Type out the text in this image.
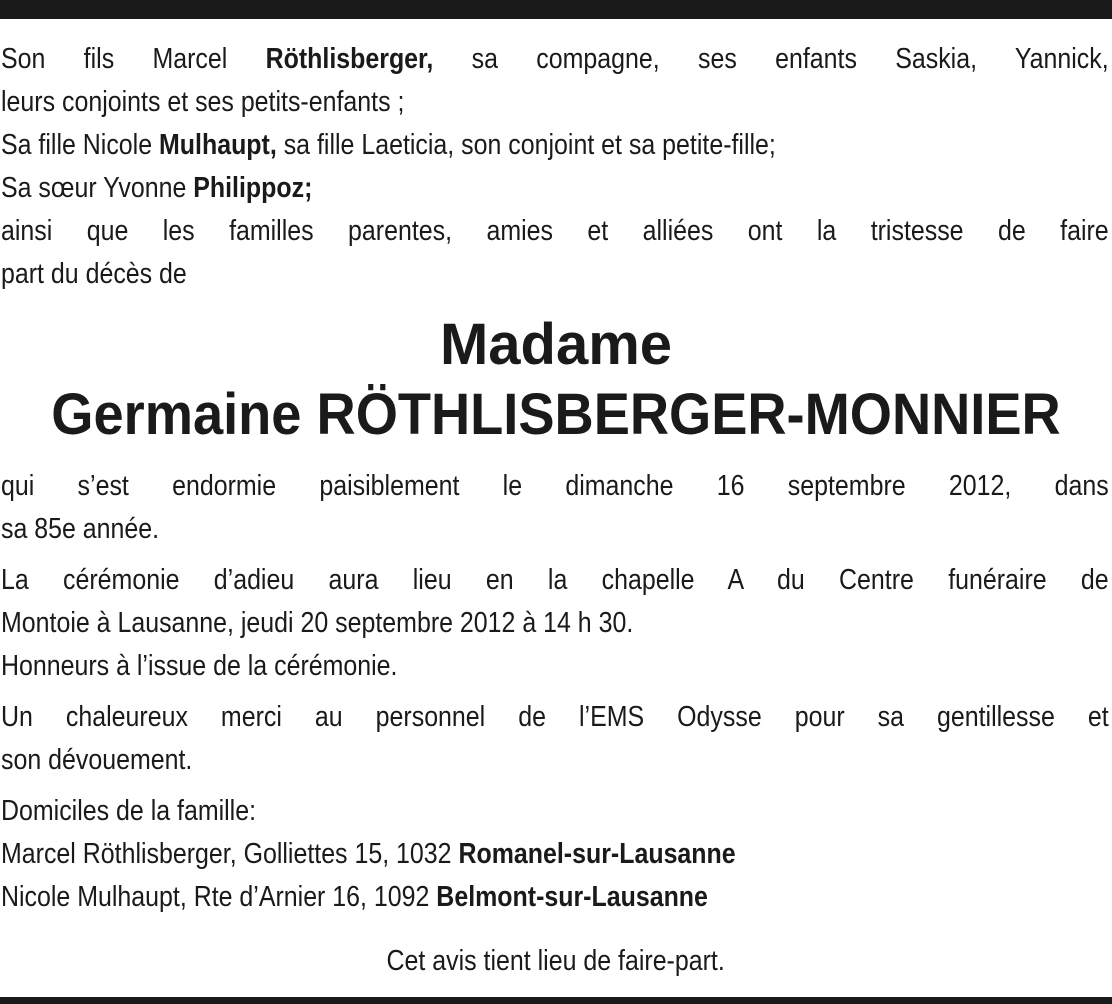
Son fils Marcel Röthlisberger, sa compagne, ses enfants Saskia, Yannick,
leurs conjoints et ses petits-enfants ;
Sa fille Nicole Mulhaupt, sa fille Laeticia, son conjoint et sa petite-fille;
Sa sœur Yvonne Philippoz;
ainsi que les familles parentes, amies et alliées ont la tristesse de faire
part du décès de
Madame
Germaine RÖTHLISBERGER-MONNIER
qui s’est endormie paisiblement le dimanche 16 septembre 2012, dans
sa 85e année.
La cérémonie d’adieu aura lieu en la chapelle A du Centre funéraire de
Montoie à Lausanne, jeudi 20 septembre 2012 à 14 h 30.
Honneurs à l’issue de la cérémonie.
Un chaleureux merci au personnel de l’EMS Odysse pour sa gentillesse et
son dévouement.
Domiciles de la famille:
Marcel Röthlisberger, Golliettes 15, 1032 Romanel-sur-Lausanne
Nicole Mulhaupt, Rte d’Arnier 16, 1092 Belmont-sur-Lausanne
Cet avis tient lieu de faire-part.
